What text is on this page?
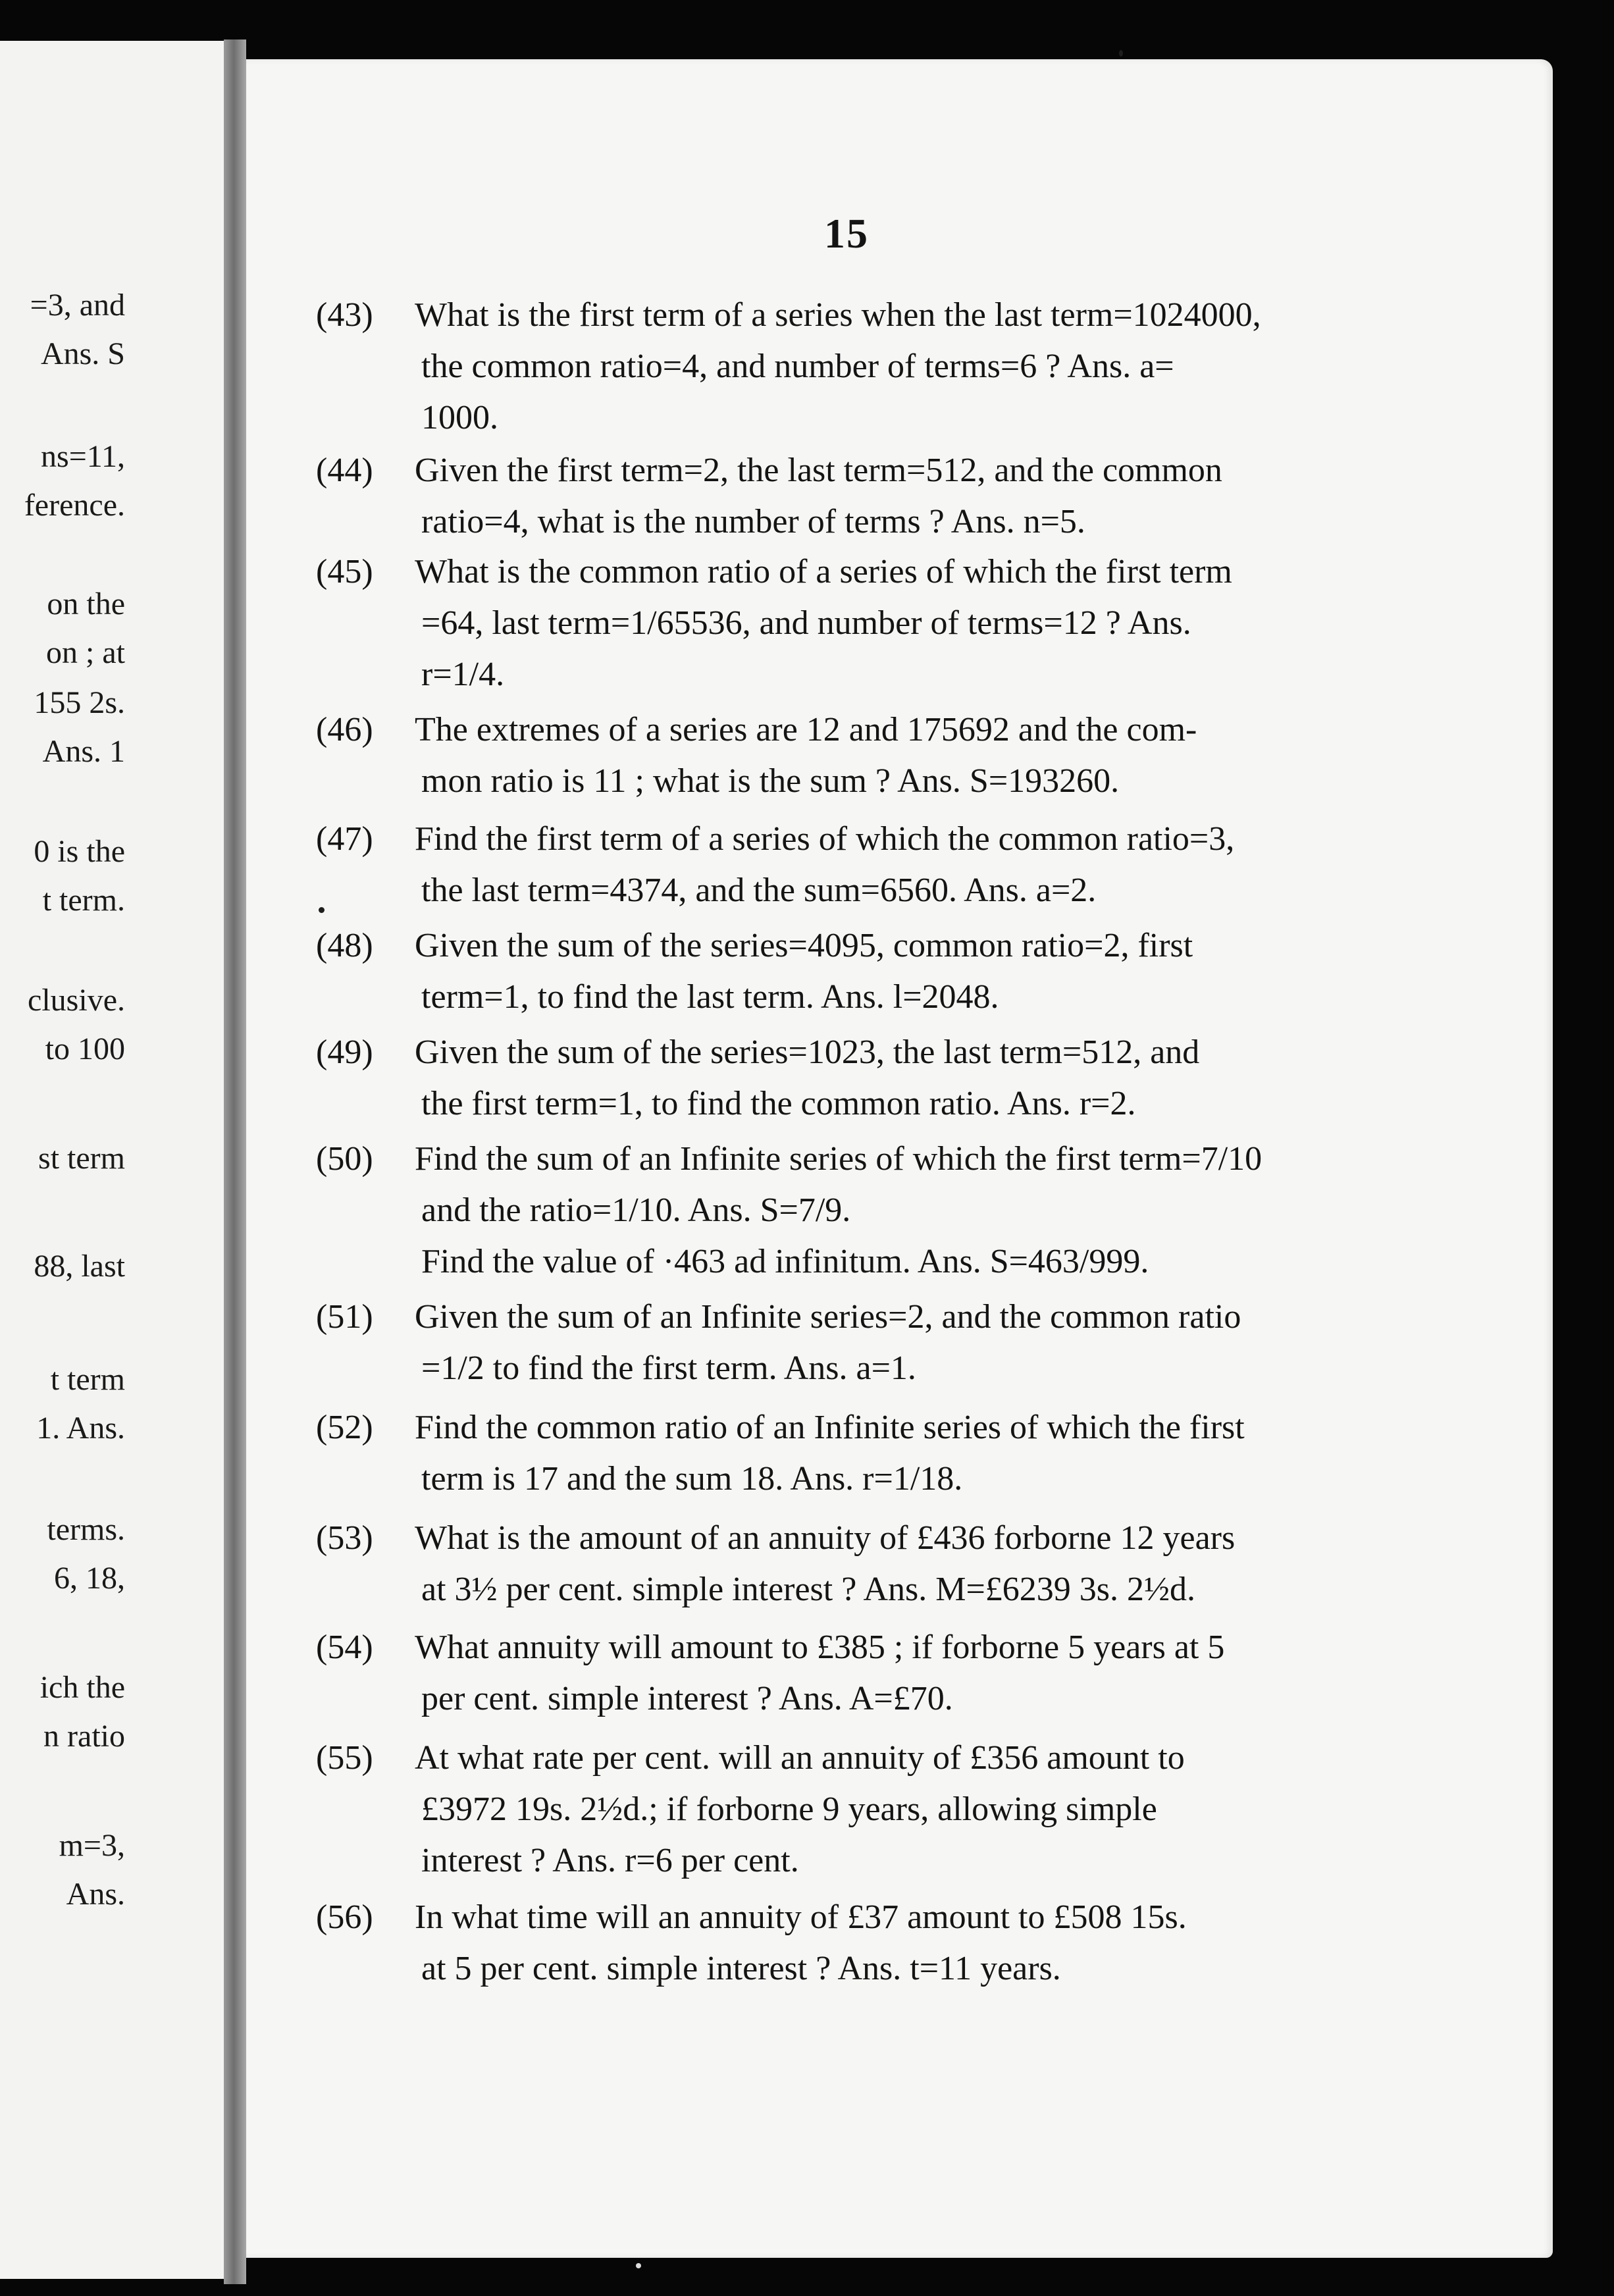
=3, and
Ans. S
ns=11,
ference.
on the
on ; at
155 2s.
Ans. 1
0 is the
t term.
clusive.
to 100
st term
88, last
t term
1. Ans.
terms.
6, 18,
ich the
n ratio
m=3,
Ans.
15
(43) What is the first term of a series when the last term=1024000,
the common ratio=4, and number of terms=6 ? Ans. a=
1000.
(44) Given the first term=2, the last term=512, and the common
ratio=4, what is the number of terms ? Ans. n=5.
(45) What is the common ratio of a series of which the first term
=64, last term=1/65536, and number of terms=12 ? Ans.
r=1/4.
(46) The extremes of a series are 12 and 175692 and the com-
mon ratio is 11 ; what is the sum ? Ans. S=193260.
(47) Find the first term of a series of which the common ratio=3,
the last term=4374, and the sum=6560. Ans. a=2.
(48) Given the sum of the series=4095, common ratio=2, first
term=1, to find the last term. Ans. l=2048.
(49) Given the sum of the series=1023, the last term=512, and
the first term=1, to find the common ratio. Ans. r=2.
(50) Find the sum of an Infinite series of which the first term=7/10
and the ratio=1/10. Ans. S=7/9.
Find the value of ·463 ad infinitum. Ans. S=463/999.
(51) Given the sum of an Infinite series=2, and the common ratio
=1/2 to find the first term. Ans. a=1.
(52) Find the common ratio of an Infinite series of which the first
term is 17 and the sum 18. Ans. r=1/18.
(53) What is the amount of an annuity of £436 forborne 12 years
at 3½ per cent. simple interest ? Ans. M=£6239 3s. 2½d.
(54) What annuity will amount to £385 ; if forborne 5 years at 5
per cent. simple interest ? Ans. A=£70.
(55) At what rate per cent. will an annuity of £356 amount to
£3972 19s. 2½d.; if forborne 9 years, allowing simple
interest ? Ans. r=6 per cent.
(56) In what time will an annuity of £37 amount to £508 15s.
at 5 per cent. simple interest ? Ans. t=11 years.
